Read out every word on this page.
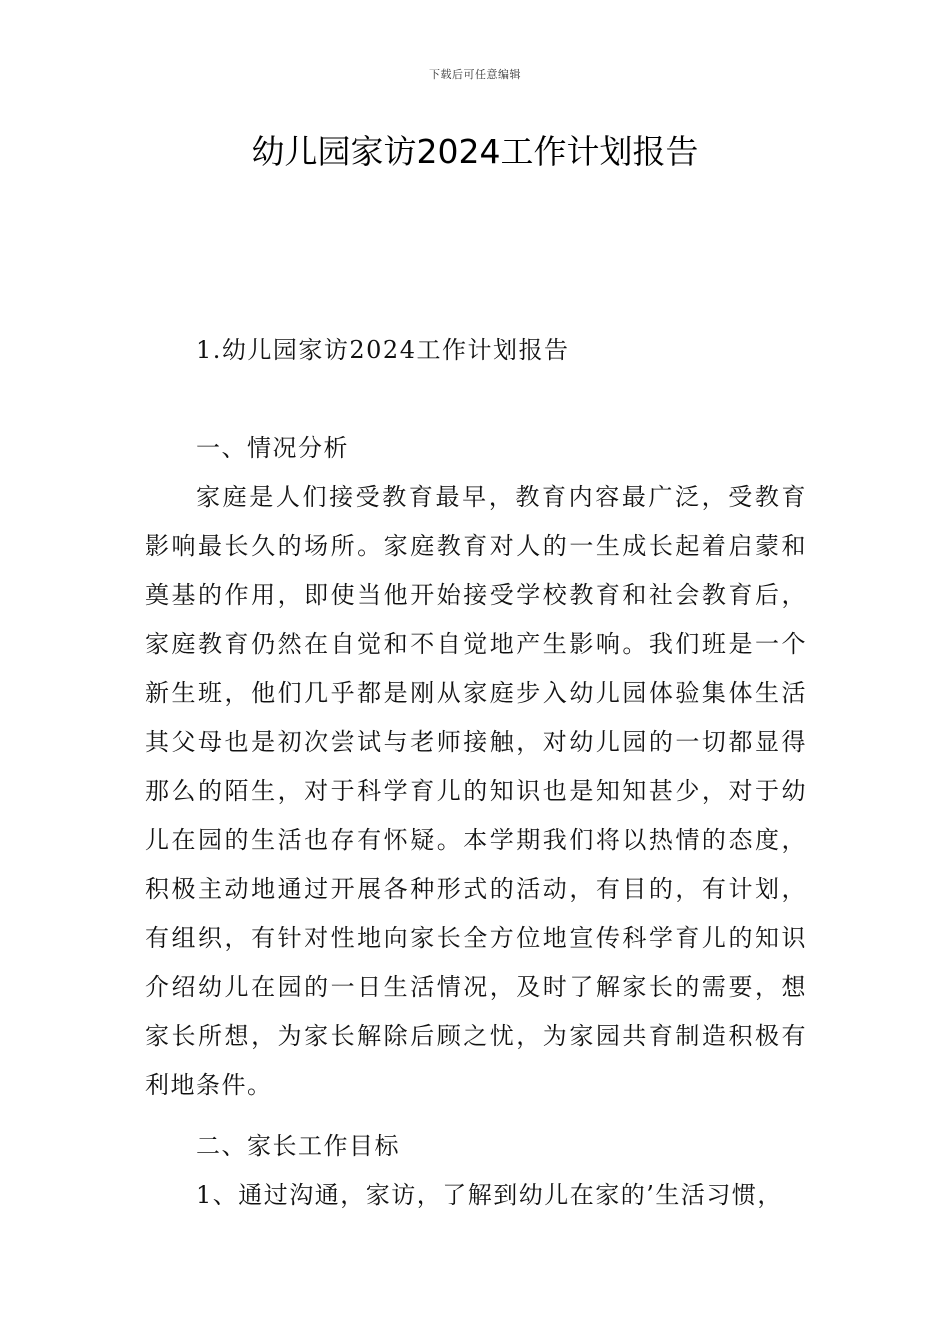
下载后可任意编辑
幼儿园家访2024工作计划报告

1.幼儿园家访2024工作计划报告

一、情况分析

家庭是人们接受教育最早，教育内容最广泛，受教育影响最长久的场所。家庭教育对人的一生成长起着启蒙和奠基的作用，即使当他开始接受学校教育和社会教育后，家庭教育仍然在自觉和不自觉地产生影响。我们班是一个新生班，他们几乎都是刚从家庭步入幼儿园体验集体生活其父母也是初次尝试与老师接触，对幼儿园的一切都显得那么的陌生，对于科学育儿的知识也是知知甚少，对于幼儿在园的生活也存有怀疑。本学期我们将以热情的态度，积极主动地通过开展各种形式的活动，有目的，有计划，有组织，有针对性地向家长全方位地宣传科学育儿的知识介绍幼儿在园的一日生活情况，及时了解家长的需要，想家长所想，为家长解除后顾之忧，为家园共育制造积极有利地条件。

二、家长工作目标

1、通过沟通，家访，了解到幼儿在家的’生活习惯，
